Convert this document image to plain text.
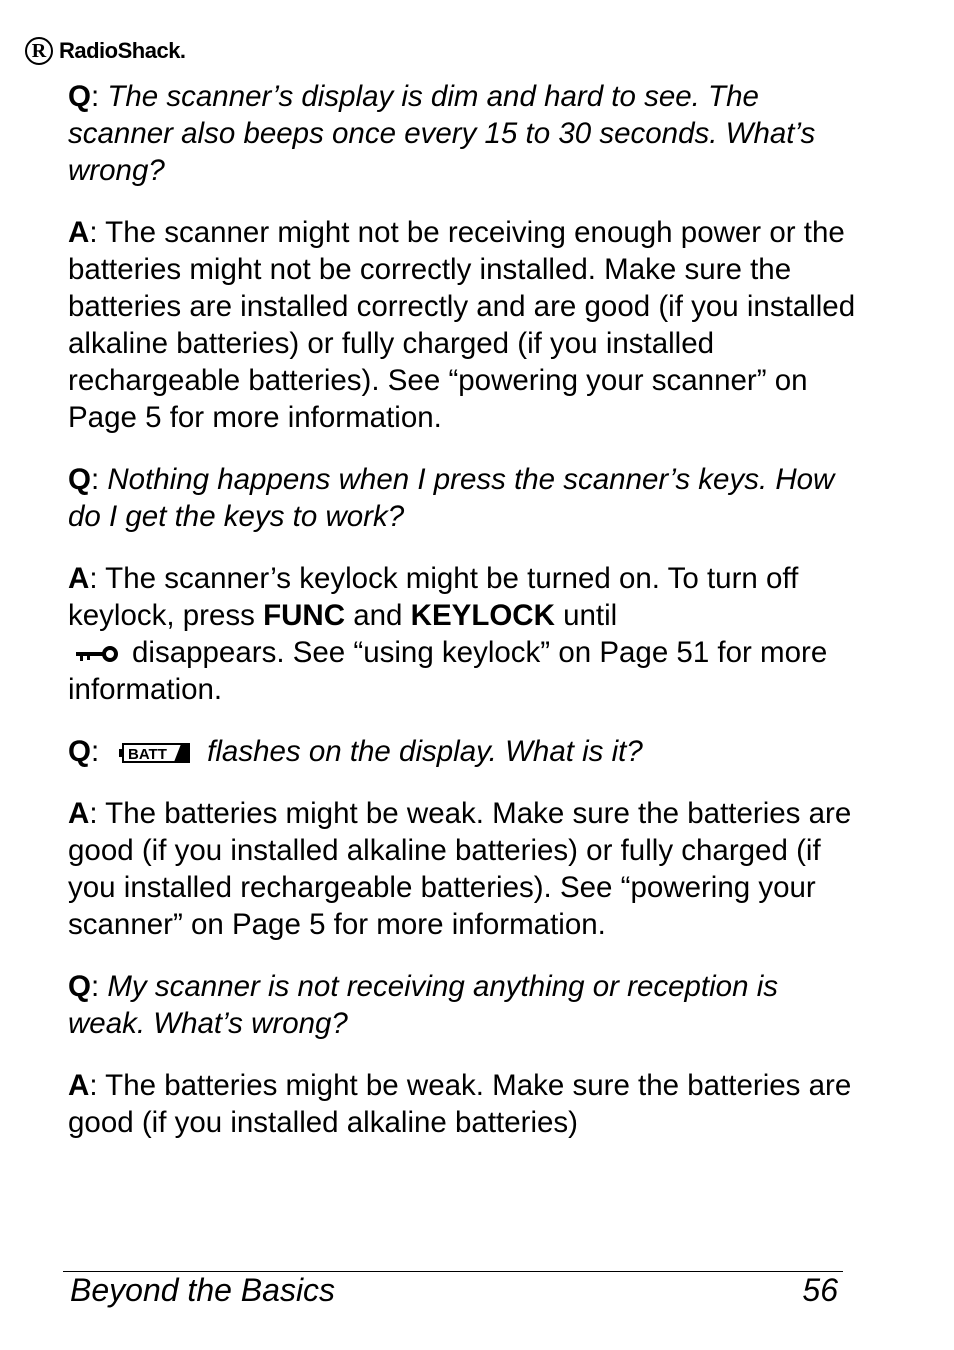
R RadioShack.

Q: The scanner’s display is dim and hard to see. The scanner also beeps once every 15 to 30 seconds. What’s wrong?

A: The scanner might not be receiving enough power or the batteries might not be correctly installed. Make sure the batteries are installed correctly and are good (if you installed alkaline batteries) or fully charged (if you installed rechargeable batteries). See “powering your scanner” on Page 5 for more information.

Q: Nothing happens when I press the scanner’s keys. How do I get the keys to work?

A: The scanner’s keylock might be turned on. To turn off keylock, press FUNC and KEYLOCK until
disappears. See “using keylock” on Page 51 for more information.

Q: BATT flashes on the display. What is it?

A: The batteries might be weak. Make sure the batteries are good (if you installed alkaline batteries) or fully charged (if you installed rechargeable batteries). See “powering your scanner” on Page 5 for more information.

Q: My scanner is not receiving anything or reception is weak. What’s wrong?

A: The batteries might be weak. Make sure the batteries are good (if you installed alkaline batteries)

Beyond the Basics	56
